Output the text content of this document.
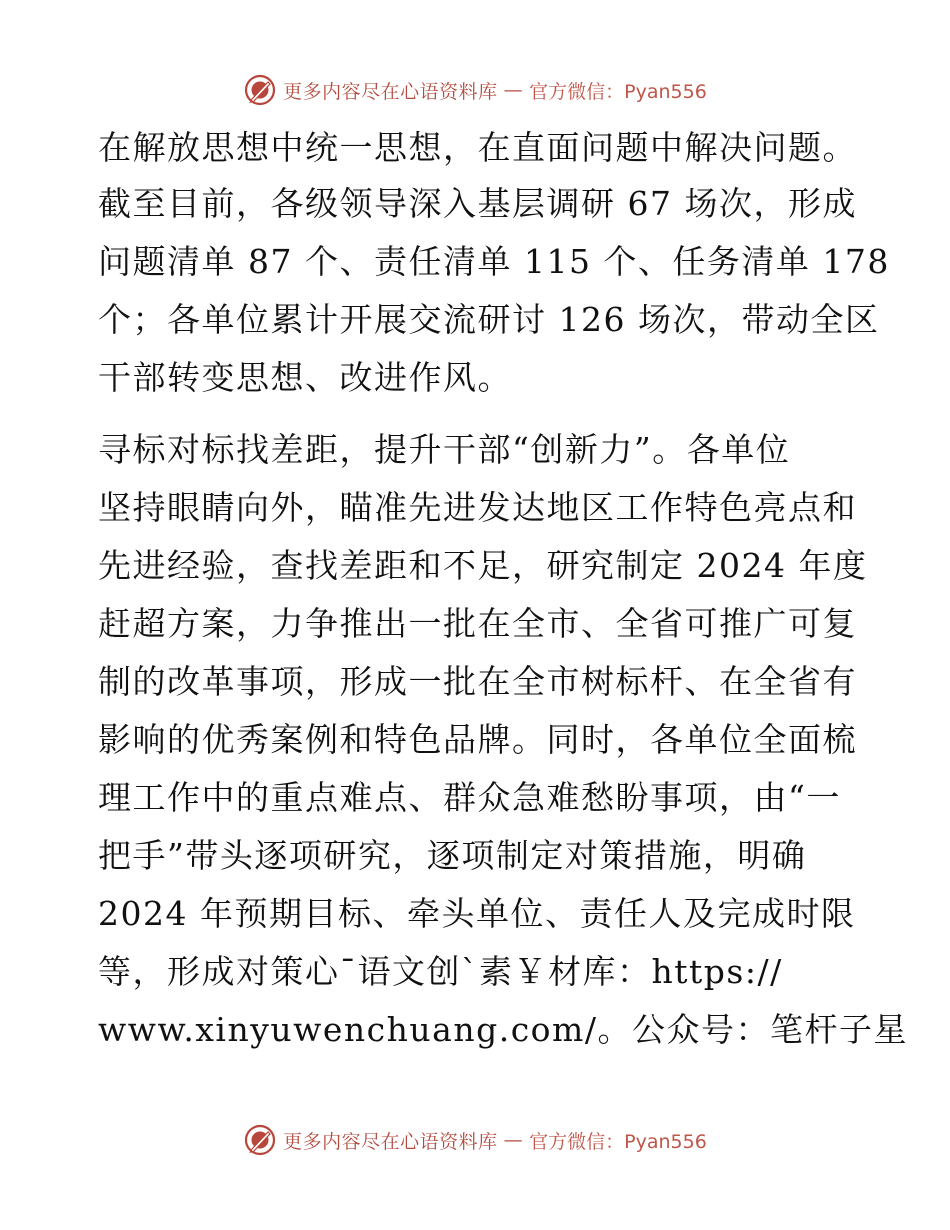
更多内容尽在心语资料库 — 官方微信：Pyan556
在解放思想中统一思想，在直面问题中解决问题。
截至目前，各级领导深入基层调研 67 场次，形成
问题清单 87 个、责任清单 115 个、任务清单 178
个；各单位累计开展交流研讨 126 场次，带动全区
干部转变思想、改进作风。
寻标对标找差距，提升干部“创新力”。各单位
坚持眼睛向外，瞄准先进发达地区工作特色亮点和
先进经验，查找差距和不足，研究制定 2024 年度
赶超方案，力争推出一批在全市、全省可推广可复
制的改革事项，形成一批在全市树标杆、在全省有
影响的优秀案例和特色品牌。同时，各单位全面梳
理工作中的重点难点、群众急难愁盼事项，由“一
把手”带头逐项研究，逐项制定对策措施，明确
2024 年预期目标、牵头单位、责任人及完成时限
等，形成对策心¯语文创`素￥材库：https://
www.xinyuwenchuang.com/。公众号：笔杆子星
更多内容尽在心语资料库 — 官方微信：Pyan556
